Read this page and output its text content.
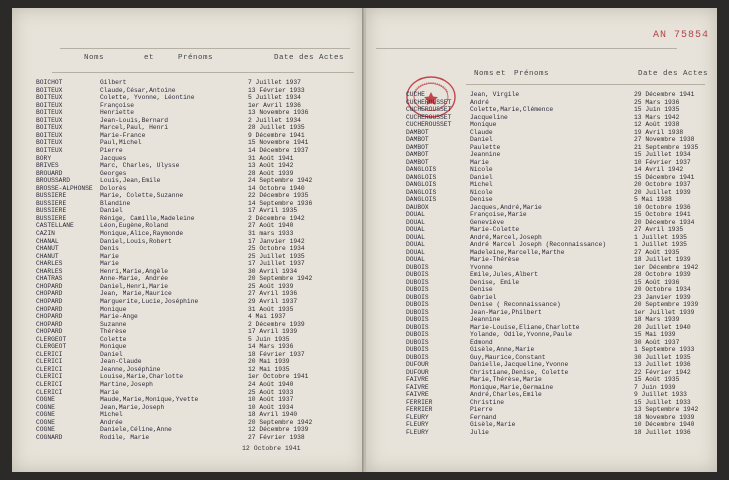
Noms	et	Prénoms	Date des Actes
BOICHOT	Gilbert	7 Juillet 1937
BOITEUX	Claude,César,Antoine	13 Février 1933
BOITEUX	Colette, Yvonne, Léontine	5 Juillet 1934
BOITEUX	Françoise	1er Avril 1936
BOITEUX	Henriette	13 Novembre 1936
BOITEUX	Jean-Louis,Bernard	2 Juillet 1934
BOITEUX	Marcel,Paul, Henri	28 Juillet 1935
BOITEUX	Marie-France	9 Décembre 1941
BOITEUX	Paul,Michel	15 Novembre 1941
BOITEUX	Pierre	14 Décembre 1937
BORY	Jacques	31 Août 1941
BRIVES	Marc, Charles, Ulysse	13 Août 1942
BROUARD	Georges	28 Août 1939
BROUSSARD	Louis,Jean,Emile	24 Septembre 1942
BROSSE-ALPHONSE Dolorès	14 Octobre 1940
BUSSIERE	Marie, Colette,Suzanne	22 Décembre 1935
BUSSIERE	Blandine	14 Septembre 1936
BUSSIERE	Daniel	17 Avril 1935
BUSSIERE	Rénige, Camille,Madeleine	2 Décembre 1942
CASTELLANE	Léon,Eugène,Roland	27 Août 1940
CAZIN	Monique,Alice,Raymonde	31 mars 1933
CHANAL	Daniel,Louis,Robert	17 Janvier 1942
CHANUT	Denis	25 Octobre 1934
CHANUT	Marie	25 Juillet 1935
CHARLES	Marie	17 Juillet 1937
CHARLES	Henri,Marie,Angèle	30 Avril 1934
CHATRAS	Anne-Marie, Andrée	20 Septembre 1942
CHOPARD	Daniel,Henri,Marie	25 Août 1939
CHOPARD	Jean, Marie,Maurice	27 Avril 1936
CHOPARD	Marguerite,Lucie,Joséphine	29 Avril 1937
CHOPARD	Monique	31 Août 1935
CHOPARD	Marie-Ange	4 Mai 1937
CHOPARD	Suzanne	2 Décembre 1939
CHOPARD	Thérèse	17 Avril 1939
CLERGEOT	Colette	5 Juin 1935
CLERGEOT	Monique	14 Mars 1936
CLERICI	Daniel	18 Février 1937
CLERICI	Jean-Claude	20 Mai 1939
CLERICI	Jeanne,Joséphine	12 Mai 1935
CLERICI	Louise,Marie,Charlotte	1er Octobre 1941
CLERICI	Martine,Joseph	24 Août 1940
CLERICI	Marie	25 Août 1933
COGNE	Maude,Marie,Monique,Yvette	10 Août 1937
COGNE	Jean,Marie,Joseph	10 Août 1934
COGNE	Michel	18 Avril 1940
COGNE	Andrée	20 Septembre 1942
COGNE	Daniele,Céline,Anne	12 Décembre 1939
COGNARD	Rodile, Marie	27 Février 1938
12 Octobre 1941
AN 75854
Noms et Prénoms	Date des Actes
CUCHE	Jean, Virgile	29 Décembre 1941
CUCHEROUSSET	André	25 Mars 1936
CUCHEROUSSET	Colette,Marie,Clémence	15 Juin 1935
CUCHEROUSSET	Jacqueline	13 Mars 1942
CUCHEROUSSET	Monique	12 Août 1938
DAMBOT	Claude	19 Avril 1938
DAMBOT	Daniel	27 Novembre 1938
DAMBOT	Paulette	21 Septembre 1935
DAMBOT	Jeannine	15 Juillet 1934
DAMBOT	Marie	10 Février 1937
DANGLOIS	Nicole	14 Avril 1942
DANGLOIS	Daniel	15 Décembre 1941
DANGLOIS	Michel	20 Octobre 1937
DANGLOIS	Nicole	20 Juillet 1939
DANGLOIS	Denise	5 Mai 1938
DAUBOX	Jacques,André,Marie	10 Octobre 1936
DOUAL	Françoise,Marie	15 Octobre 1941
DOUAL	Geneviève	20 Décembre 1934
DOUAL	Marie-Colette	27 Avril 1935
DOUAL	André,Marcel,Joseph	1 Juillet 1935
DOUAL	André Marcel Joseph (Reconnaissance)	1 Juillet 1935
DOUAL	Madeleine,Marcelle,Marthe	27 Août 1935
DOUAL	Marie-Thérèse	18 Juillet 1939
DUBOIS	Yvonne	1er Décembre 1942
DUBOIS	Emile,Jules,Albert	28 Octobre 1939
DUBOIS	Denise, Emile	15 Août 1936
DUBOIS	Denise	20 Octobre 1934
DUBOIS	Gabriel	23 Janvier 1939
DUBOIS	Denise ( Reconnaissance)	20 Septembre 1939
DUBOIS	Jean-Marie,Philbert	1er Juillet 1939
DUBOIS	Jeannine	18 Mars 1939
DUBOIS	Marie-Louise,Eliane,Charlotte	20 Juillet 1940
DUBOIS	Yolande, Odile,Yvonne,Paule	15 Mai 1939
DUBOIS	Edmond	30 Août 1937
DUBOIS	Gisèle,Anne,Marie	1 Septembre 1933
DUBOIS	Guy,Maurice,Constant	30 Juillet 1935
DUFOUR	Danielle,Jacqueline,Yvonne	13 Juillet 1936
DUFOUR	Christiane,Denise, Colette	22 Février 1942
FAIVRE	Marie,Thérèse,Marie	15 Août 1935
FAIVRE	Monique,Marie,Germaine	7 Juin 1939
FAIVRE	André,Charles,Emile	9 Juillet 1933
FERRIER	Christine	15 Juillet 1933
FERRIER	Pierre	13 Septembre 1942
FLEURY	Fernand	18 Novembre 1939
FLEURY	Gisèle,Marie	10 Décembre 1940
FLEURY	Julie	18 Juillet 1936
